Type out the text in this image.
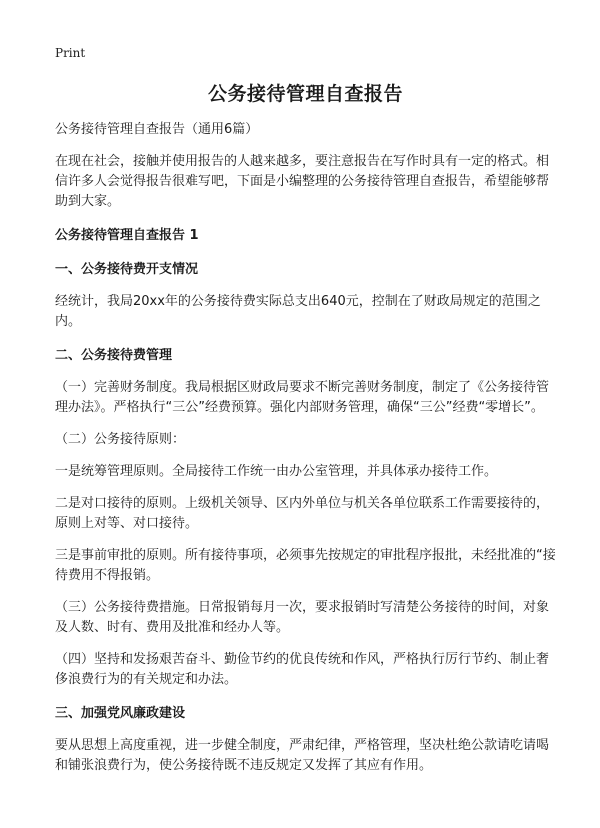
Print
公务接待管理自查报告
公务接待管理自查报告（通用6篇）

在现在社会，接触并使用报告的人越来越多，要注意报告在写作时具有一定的格式。相信许多人会觉得报告很难写吧，下面是小编整理的公务接待管理自查报告，希望能够帮助到大家。

公务接待管理自查报告 1
一、公务接待费开支情况

经统计，我局20xx年的公务接待费实际总支出640元，控制在了财政局规定的范围之内。

二、公务接待费管理

（一）完善财务制度。我局根据区财政局要求不断完善财务制度，制定了《公务接待管理办法》。严格执行“三公”经费预算。强化内部财务管理，确保“三公”经费“零增长”。

（二）公务接待原则：

一是统筹管理原则。全局接待工作统一由办公室管理，并具体承办接待工作。

二是对口接待的原则。上级机关领导、区内外单位与机关各单位联系工作需要接待的，原则上对等、对口接待。

三是事前审批的原则。所有接待事项，必须事先按规定的审批程序报批，未经批准的“接待费用不得报销。

（三）公务接待费措施。日常报销每月一次，要求报销时写清楚公务接待的时间，对象及人数、时有、费用及批准和经办人等。

（四）坚持和发扬艰苦奋斗、勤俭节约的优良传统和作风，严格执行厉行节约、制止奢侈浪费行为的有关规定和办法。

三、加强党风廉政建设

要从思想上高度重视，进一步健全制度，严肃纪律，严格管理，坚决杜绝公款请吃请喝和铺张浪费行为，使公务接待既不违反规定又发挥了其应有作用。
